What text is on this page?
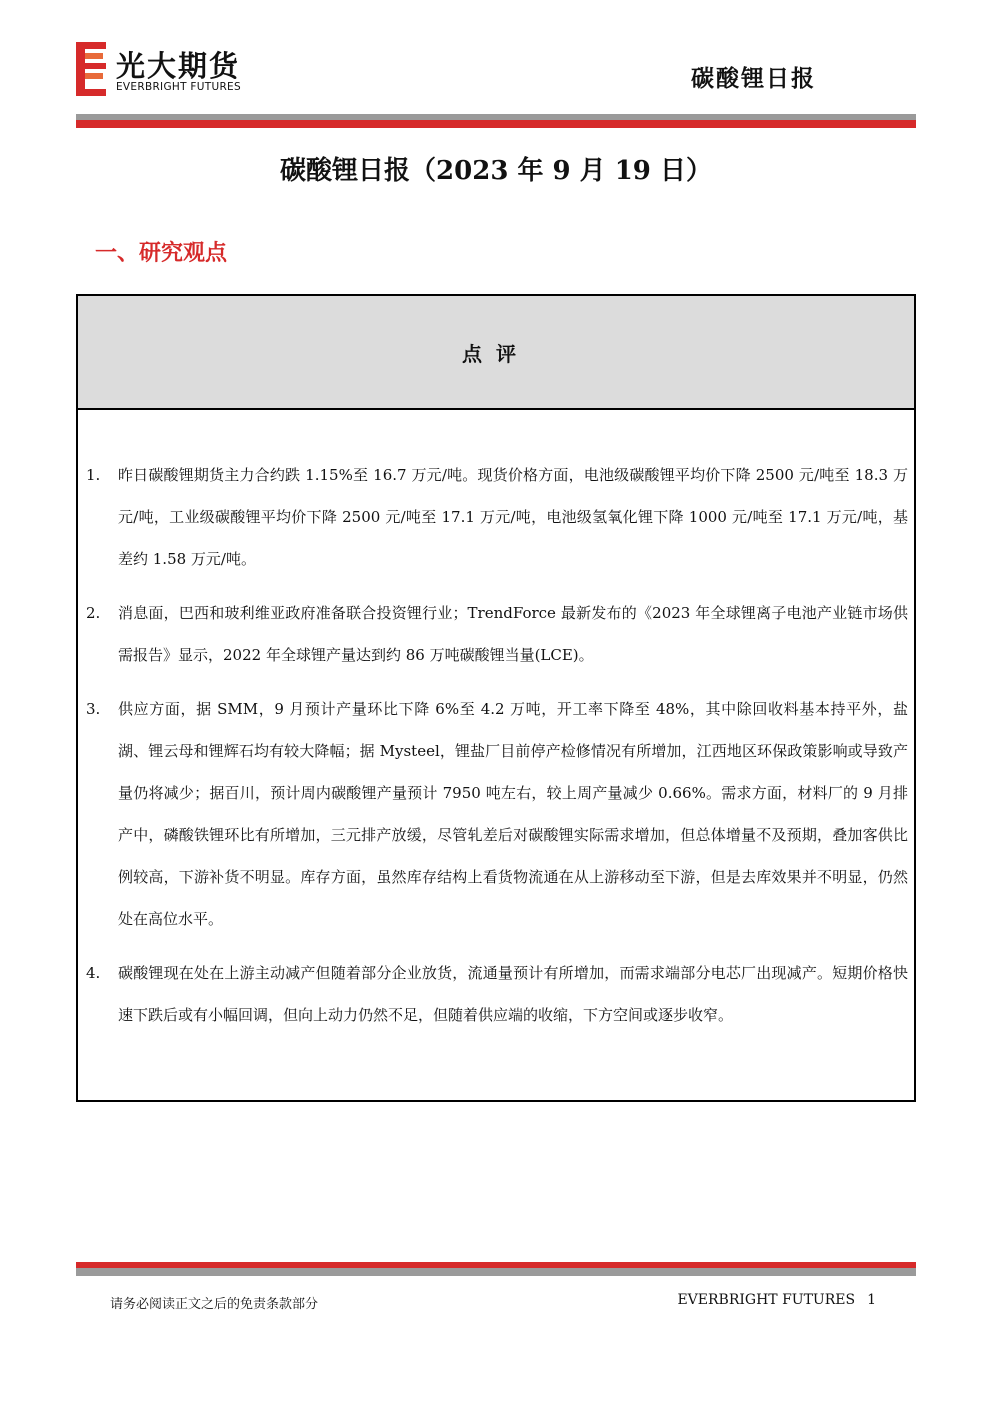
光大期货
EVERBRIGHT FUTURES	碳酸锂日报
碳酸锂日报（2023 年 9 月 19 日）
一、研究观点
点评
1. 昨日碳酸锂期货主力合约跌 1.15%至 16.7 万元/吨。现货价格方面，电池级碳酸锂平均价下降 2500 元/吨至 18.3 万元/吨，工业级碳酸锂平均价下降 2500 元/吨至 17.1 万元/吨，电池级氢氧化锂下降 1000 元/吨至 17.1 万元/吨，基差约 1.58 万元/吨。
2. 消息面，巴西和玻利维亚政府准备联合投资锂行业；TrendForce 最新发布的《2023 年全球锂离子电池产业链市场供需报告》显示，2022 年全球锂产量达到约 86 万吨碳酸锂当量(LCE)。
3. 供应方面，据 SMM，9 月预计产量环比下降 6%至 4.2 万吨，开工率下降至 48%，其中除回收料基本持平外，盐湖、锂云母和锂辉石均有较大降幅；据 Mysteel，锂盐厂目前停产检修情况有所增加，江西地区环保政策影响或导致产量仍将减少；据百川，预计周内碳酸锂产量预计 7950 吨左右，较上周产量减少 0.66%。需求方面，材料厂的 9 月排产中，磷酸铁锂环比有所增加，三元排产放缓，尽管轧差后对碳酸锂实际需求增加，但总体增量不及预期，叠加客供比例较高，下游补货不明显。库存方面，虽然库存结构上看货物流通在从上游移动至下游，但是去库效果并不明显，仍然处在高位水平。
4. 碳酸锂现在处在上游主动减产但随着部分企业放货，流通量预计有所增加，而需求端部分电芯厂出现减产。短期价格快速下跌后或有小幅回调，但向上动力仍然不足，但随着供应端的收缩，下方空间或逐步收窄。
请务必阅读正文之后的免责条款部分	EVERBRIGHT FUTURES 1
